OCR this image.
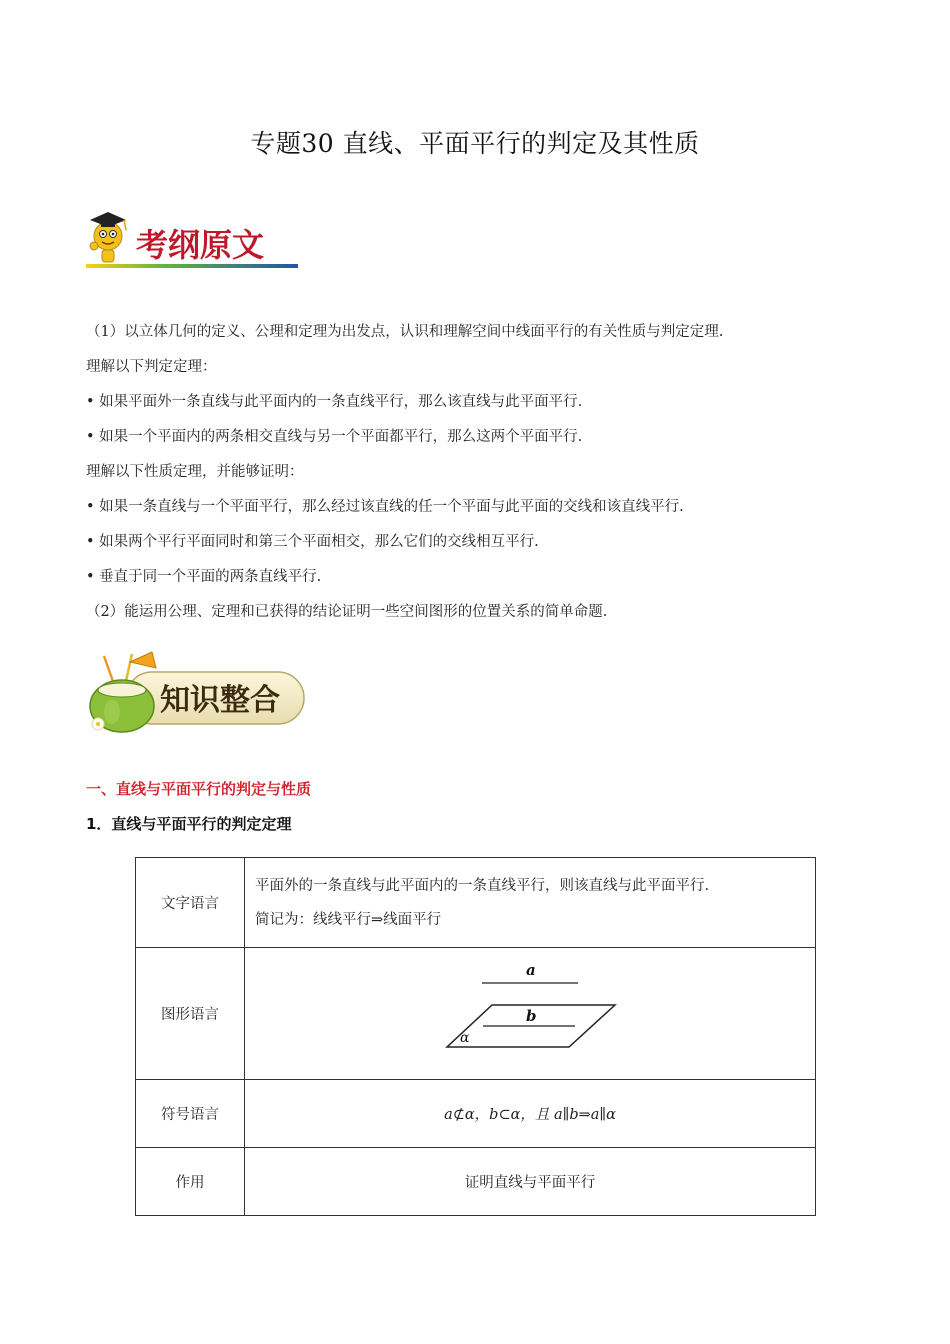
专题30 直线、平面平行的判定及其性质
考纲原文
（1）以立体几何的定义、公理和定理为出发点，认识和理解空间中线面平行的有关性质与判定定理.
理解以下判定定理：
• 如果平面外一条直线与此平面内的一条直线平行，那么该直线与此平面平行.
• 如果一个平面内的两条相交直线与另一个平面都平行，那么这两个平面平行.
理解以下性质定理，并能够证明：
• 如果一条直线与一个平面平行，那么经过该直线的任一个平面与此平面的交线和该直线平行.
• 如果两个平行平面同时和第三个平面相交，那么它们的交线相互平行.
• 垂直于同一个平面的两条直线平行.
（2）能运用公理、定理和已获得的结论证明一些空间图形的位置关系的简单命题.
知识整合
一、直线与平面平行的判定与性质
1．直线与平面平行的判定定理
文字语言	平面外的一条直线与此平面内的一条直线平行，则该直线与此平面平行.
简记为：线线平行⇒线面平行

图形语言	a
b
α

符号语言	a⊄α，b⊂α，且 a∥b⇒a∥α
作用	证明直线与平面平行
